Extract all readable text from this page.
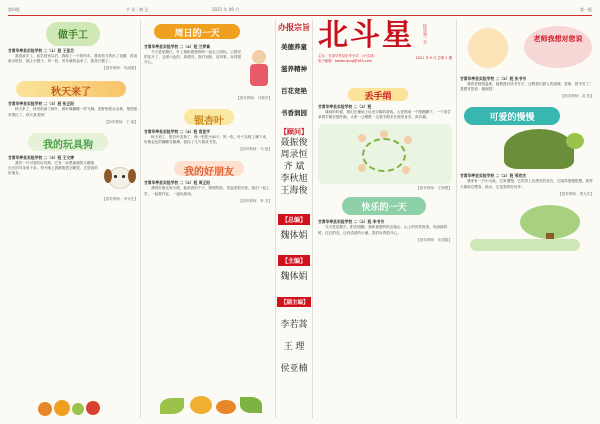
第四版	手 词 · 摘 记	2021 年 09 月	第一版
做手工
甘肃华亭县实验学校 二（1）班 王佳芯
我喜欢手工，放学回家以后，我做了一个纸风车。我用剪刀剪出了花瓣，再用胶水粘好，插上小棍子，风一吹，风车就转起来了，我高兴极了。
【指导教师：朱丽娟】
秋天来了
甘肃华亭县实验学校 二（3）班 张正阳
秋天来了，秋风吹黄了树叶，树叶像蝴蝶一样飞舞。田野里稻谷金黄，果园里苹果红了。秋天真美呀！
【指导教师：王 丽】
我的玩具狗
甘肃华亭县实验学校 二（3）班 王文婷
我有一只可爱的玩具狗，它有一双黑溜溜的大眼睛，长长的耳朵垂下来。每天晚上我都抱着它睡觉，它是我的好朋友。
【指导教师：李安庄】
周日的一天
甘肃华亭县实验学校 二（4）班 兰梦真
今天是星期日，早上我和爸爸妈妈一起去公园玩。公园里的花开了，五颜六色的，真漂亮。我们划船、放风筝，玩得很开心。
【指导教师：马艳华】
银杏叶
甘肃华亭县实验学校 二（4）班 袁佳宇
秋天到了，银杏叶变黄了，像一把把小扇子。风一吹，叶子从树上飘下来，好像金色的蝴蝶在跳舞。我捡了几片做成书签。
【指导教师：马 艳】
我的好朋友
甘肃华亭县实验学校 二（2）班 周正阳
我的好朋友叫小明，他高高的个子，圆圆的脸，笑起来很可爱。我们一起上学，一起做作业，一起玩游戏。
【指导教师：李 芳】
办报宗旨
美德养童
滋养精神
百花竞艳
书香润园
【顾问】
聂振俊
周录恒
齐 斌
李秋旭
王海俊
【总编】
魏体娟
【主编】
魏体娟
【副主编】
李若蒿
王 理
侯亚楠
北斗星	快乐每一天
主办：甘肃华亭县东华小学 （小学部）
电子邮箱：beidouxing@163.com
2021 年 9 月 总第 1 期
丢手绢
甘肃华亭县实验学校 二（2）班
课间的时候，我们在操场上玩丢手绢的游戏。大家围成一个圆圈蹲下，一个同学拿着手绢在圈外跑，大家一边唱歌一边看手绢丢在谁的身后，真有趣。
【指导教师：王海俊】
快乐的一天
甘肃华亭县实验学校 二（2）班 李书书
今天是星期天，阳光明媚。我和爸爸妈妈去爬山，山上的风景真美，有绿绿的树，红红的花，还有清清的小溪。我们玩得很开心。
【指导教师：宋建娟】
老师我想对您说
甘肃华亭县实验学校 二（2）班 张书书
我的老师很温柔，她教我们读书写字，还教我们做人的道理。老师，您辛苦了！我想对您说：谢谢您！
【指导教师：高 贺】
可爱的慢慢
甘肃华亭县实验学校 二（2）班 邢欢杰
我家有一只小乌龟，它叫慢慢。它的背上有漂亮的花纹，它爬得很慢很慢。我每天都给它喂食、换水，它是我的好伙伴。
【指导教师：郑允东】
